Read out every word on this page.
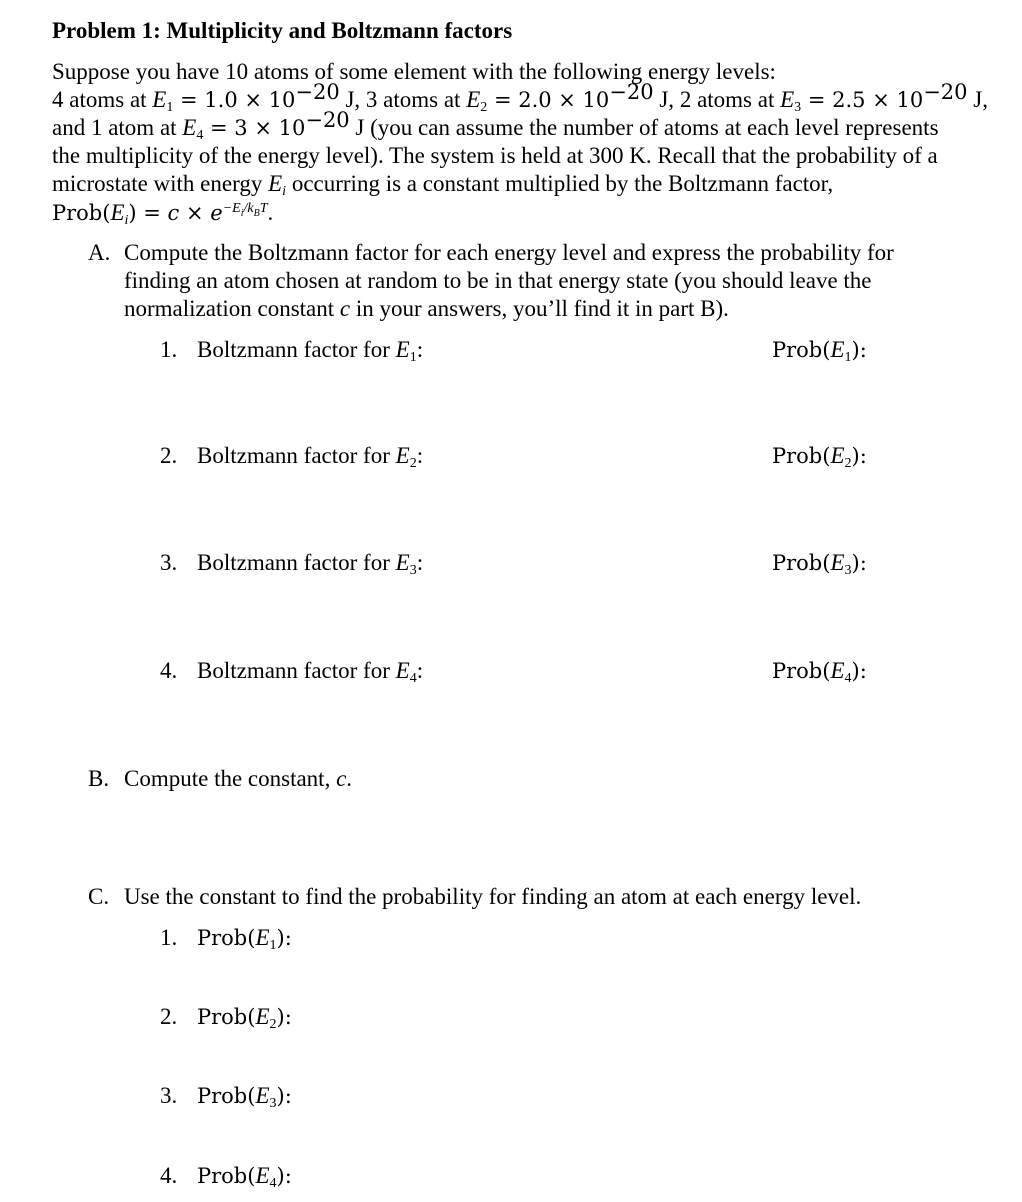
Problem 1: Multiplicity and Boltzmann factors
Suppose you have 10 atoms of some element with the following energy levels:
4 atoms at $E_1 = 1.0 \times 10^{-20}$ J, 3 atoms at $E_2 = 2.0 \times 10^{-20}$ J, 2 atoms at $E_3 = 2.5 \times 10^{-20}$ J,
and 1 atom at $E_4 = 3 \times 10^{-20}$ J (you can assume the number of atoms at each level represents
the multiplicity of the energy level). The system is held at 300 K. Recall that the probability of a
microstate with energy $E_i$ occurring is a constant multiplied by the Boltzmann factor,
$Prob(E_i) = c \times e^{-E_i/k_BT}$.
A. Compute the Boltzmann factor for each energy level and express the probability for
finding an atom chosen at random to be in that energy state (you should leave the
normalization constant c in your answers, you’ll find it in part B).
1. Boltzmann factor for $E_1$:	$Prob(E_1)$:
2. Boltzmann factor for $E_2$:	$Prob(E_2)$:
3. Boltzmann factor for $E_3$:	$Prob(E_3)$:
4. Boltzmann factor for $E_4$:	$Prob(E_4)$:
B. Compute the constant, c.
C. Use the constant to find the probability for finding an atom at each energy level.
1. $Prob(E_1)$:
2. $Prob(E_2)$:
3. $Prob(E_3)$:
4. $Prob(E_4)$:
